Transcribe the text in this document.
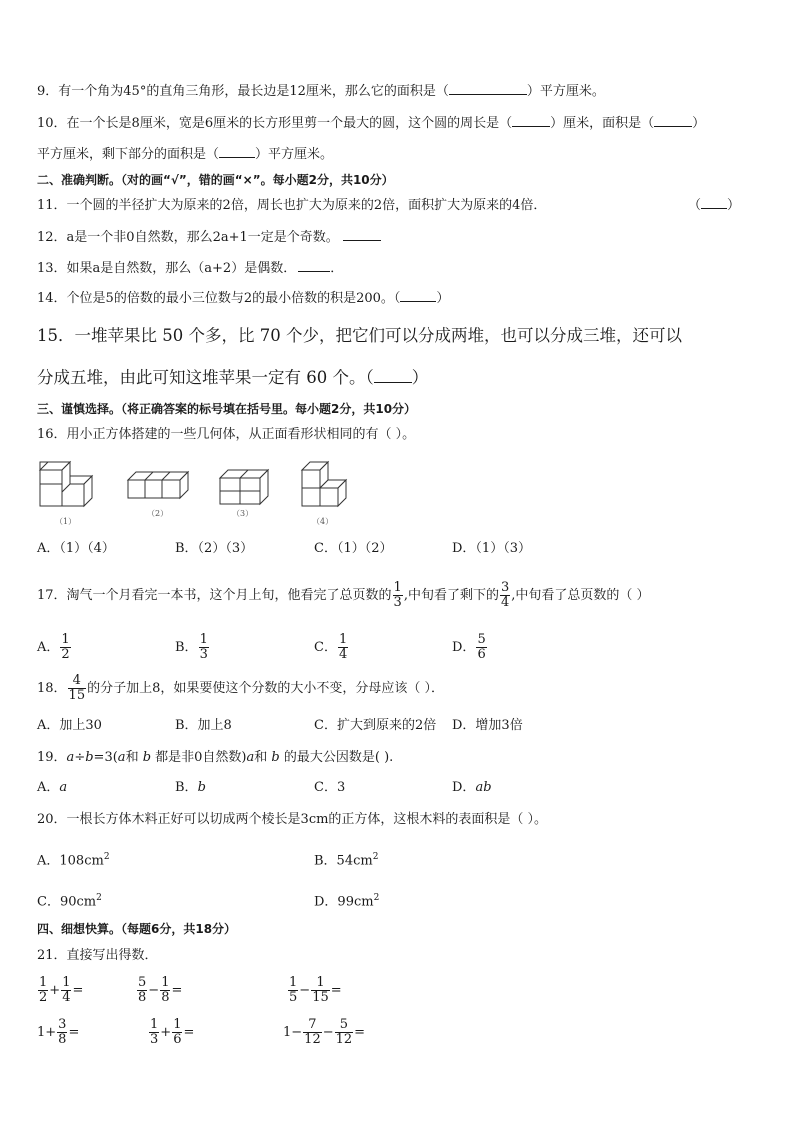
9．有一个角为45°的直角三角形，最长边是12厘米，那么它的面积是（	）平方厘米。
10．在一个长是8厘米，宽是6厘米的长方形里剪一个最大的圆，这个圆的周长是（	）厘米，面积是（	）
平方厘米，剩下部分的面积是（	）平方厘米。
二、准确判断。（对的画“√”，错的画“×”。每小题2分，共10分）
11．一个圆的半径扩大为原来的2倍，周长也扩大为原来的2倍，面积扩大为原来的4倍．	（ ）
12．a是一个非0自然数，那么2a+1一定是个奇数。
13．如果a是自然数，那么（a+2）是偶数．	．
14．个位是5的倍数的最小三位数与2的最小倍数的积是200。（	）
15．一堆苹果比 50 个多，比 70 个少，把它们可以分成两堆，也可以分成三堆，还可以
分成五堆，由此可知这堆苹果一定有 60 个。（ ）
三、谨慎选择。（将正确答案的标号填在括号里。每小题2分，共10分）
16．用小正方体搭建的一些几何体，从正面看形状相同的有（ ）。
（1）
（2）	（3）
（4）
A．（1）（4）	B．（2）（3）	C．（1）（2）	D．（1）（3）
17．淘气一个月看完一本书，这个月上旬，他看完了总页数的 $\frac{1}{3}$ ,中旬看了剩下的 $\frac{3}{4}$ ,中旬看了总页数的（ ）
A． $\frac{1}{2}$	B． $\frac{1}{3}$	C． $\frac{1}{4}$	D． $\frac{5}{6}$
18． $\frac{4}{15}$ 的分子加上8，如果要使这个分数的大小不变，分母应该（ ）．
A．加上30	B．加上8	C．扩大到原来的2倍 D．增加3倍
19．a÷b=3(a和 b 都是非0自然数)a和 b 的最大公因数是( ).
A．a	B．b	C．3	D．ab
20．一根长方体木料正好可以切成两个棱长是3cm的正方体，这根木料的表面积是（ ）。
A．$108cm^2$	B．$54cm^2$
C．$90cm^2$	D．$99cm^2$
四、细想快算。（每题6分，共18分）
21．直接写出得数．
$\frac{1}{2} + \frac{1}{4}$ =	$\frac{5}{8} - \frac{1}{8}$ =	$\frac{1}{5} - \frac{1}{15}$ =
$1+ \frac{3}{8}$ =	$\frac{1}{3} + \frac{1}{6}$ =	$1- \frac{7}{12} - \frac{5}{12}$ =
